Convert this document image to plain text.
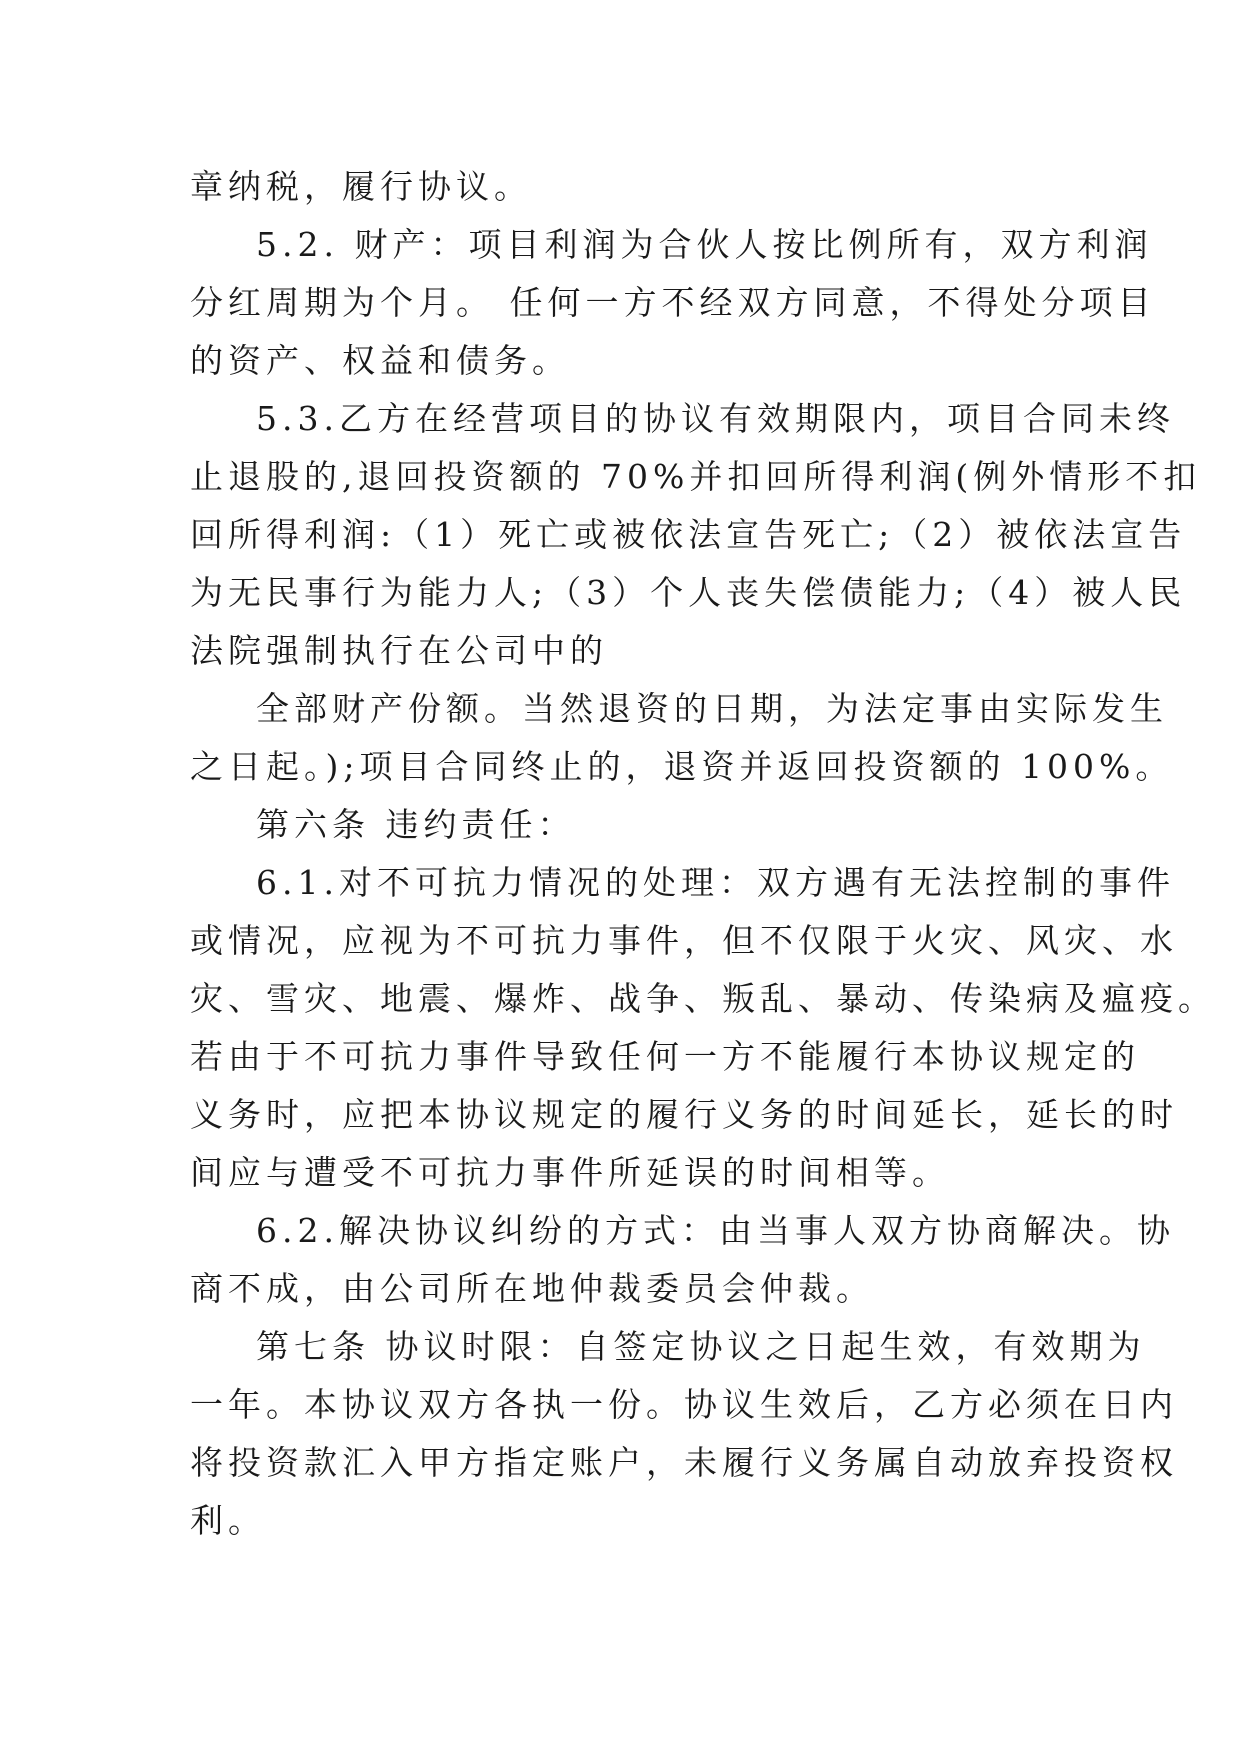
章纳税，履行协议。
5.2. 财产：项目利润为合伙人按比例所有，双方利润
分红周期为个月。 任何一方不经双方同意，不得处分项目
的资产、权益和债务。
5.3.乙方在经营项目的协议有效期限内，项目合同未终
止退股的,退回投资额的 70%并扣回所得利润(例外情形不扣
回所得利润:（1）死亡或被依法宣告死亡;（2）被依法宣告
为无民事行为能力人;（3）个人丧失偿债能力;（4）被人民
法院强制执行在公司中的
全部财产份额。当然退资的日期，为法定事由实际发生
之日起。);项目合同终止的，退资并返回投资额的 100%。
第六条 违约责任：
6.1.对不可抗力情况的处理：双方遇有无法控制的事件
或情况，应视为不可抗力事件，但不仅限于火灾、风灾、水
灾、雪灾、地震、爆炸、战争、叛乱、暴动、传染病及瘟疫。
若由于不可抗力事件导致任何一方不能履行本协议规定的
义务时，应把本协议规定的履行义务的时间延长，延长的时
间应与遭受不可抗力事件所延误的时间相等。
6.2.解决协议纠纷的方式：由当事人双方协商解决。协
商不成，由公司所在地仲裁委员会仲裁。
第七条 协议时限：自签定协议之日起生效，有效期为
一年。本协议双方各执一份。协议生效后，乙方必须在日内
将投资款汇入甲方指定账户，未履行义务属自动放弃投资权
利。
